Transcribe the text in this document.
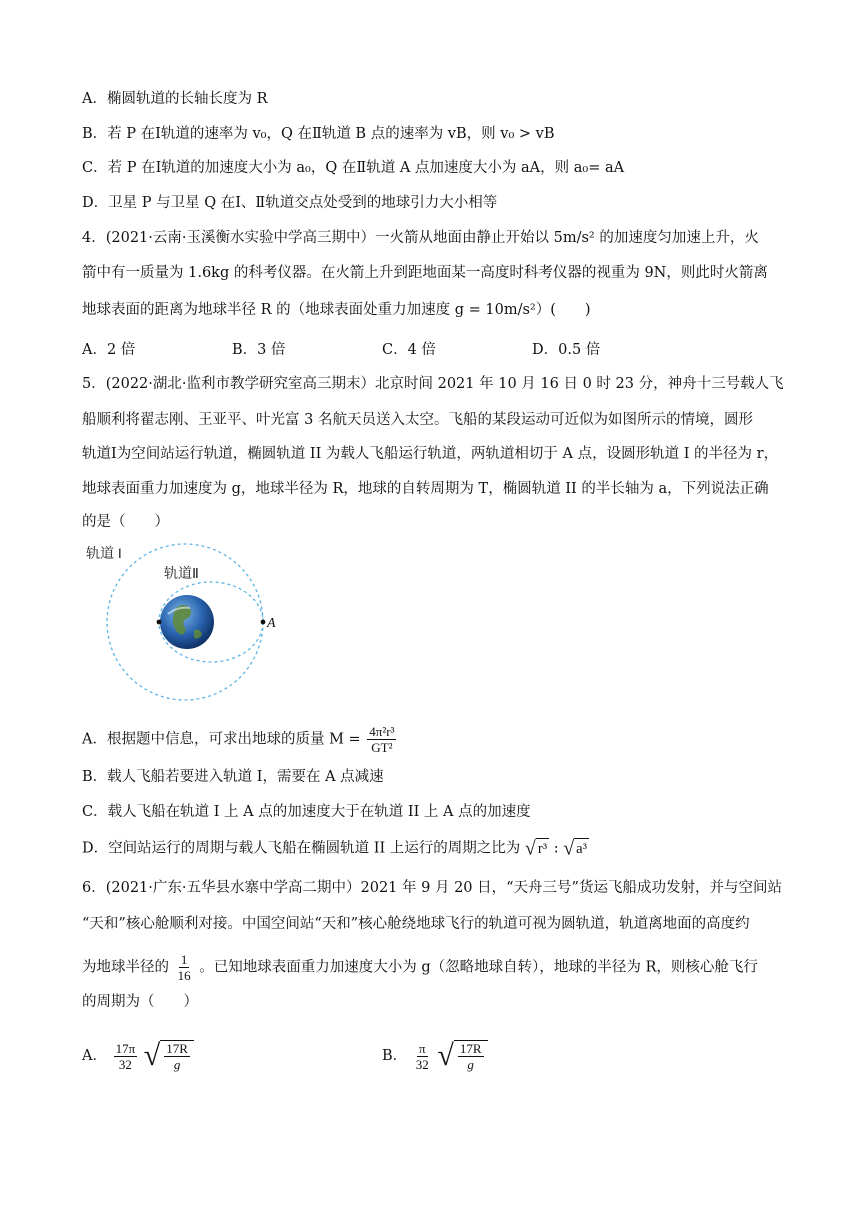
A．椭圆轨道的长轴长度为 R
B．若 P 在Ⅰ轨道的速率为 v₀，Q 在Ⅱ轨道 B 点的速率为 vB，则 v₀ > vB
C．若 P 在Ⅰ轨道的加速度大小为 a₀，Q 在Ⅱ轨道 A 点加速度大小为 aA，则 a₀= aA
D．卫星 P 与卫星 Q 在Ⅰ、Ⅱ轨道交点处受到的地球引力大小相等
4．(2021·云南·玉溪衡水实验中学高三期中）一火箭从地面由静止开始以 5m/s² 的加速度匀加速上升，火
箭中有一质量为 1.6kg 的科考仪器。在火箭上升到距地面某一高度时科考仪器的视重为 9N，则此时火箭离
地球表面的距离为地球半径 R 的（地球表面处重力加速度 g = 10m/s²）(　　)
A．2 倍	B．3 倍	C．4 倍	D．0.5 倍
5．(2022·湖北·监利市教学研究室高三期末）北京时间 2021 年 10 月 16 日 0 时 23 分，神舟十三号载人飞
船顺利将翟志刚、王亚平、叶光富 3 名航天员送入太空。飞船的某段运动可近似为如图所示的情境，圆形
轨道Ⅰ为空间站运行轨道，椭圆轨道 II 为载人飞船运行轨道，两轨道相切于 A 点，设圆形轨道 I 的半径为 r，
地球表面重力加速度为 g，地球半径为 R，地球的自转周期为 T，椭圆轨道 II 的半长轴为 a，下列说法正确
的是（　　）
A
轨道 I
轨道Ⅱ
A．根据题中信息，可求出地球的质量 $M = \frac{\text{4π²r³}}{\text{GT²}}$
B．载人飞船若要进入轨道 I，需要在 A 点减速
C．载人飞船在轨道 I 上 A 点的加速度大于在轨道 II 上 A 点的加速度
D．空间站运行的周期与载人飞船在椭圆轨道 II 上运行的周期之比为 √ r³ : √ a³
6．(2021·广东·五华县水寨中学高二期中）2021 年 9 月 20 日，“天舟三号”货运飞船成功发射，并与空间站
“天和”核心舱顺利对接。中国空间站“天和”核心舱绕地球飞行的轨道可视为圆轨道，轨道离地面的高度约
为地球半径的 $\frac{1}{16}$ 。已知地球表面重力加速度大小为 g（忽略地球自转），地球的半径为 R，则核心舱飞行
的周期为（　　）
A． $\frac{17\pi}{32}$ √ $\frac{17R}{g}$	B． $\frac{\pi}{32}$ √ $\frac{17R}{g}$
